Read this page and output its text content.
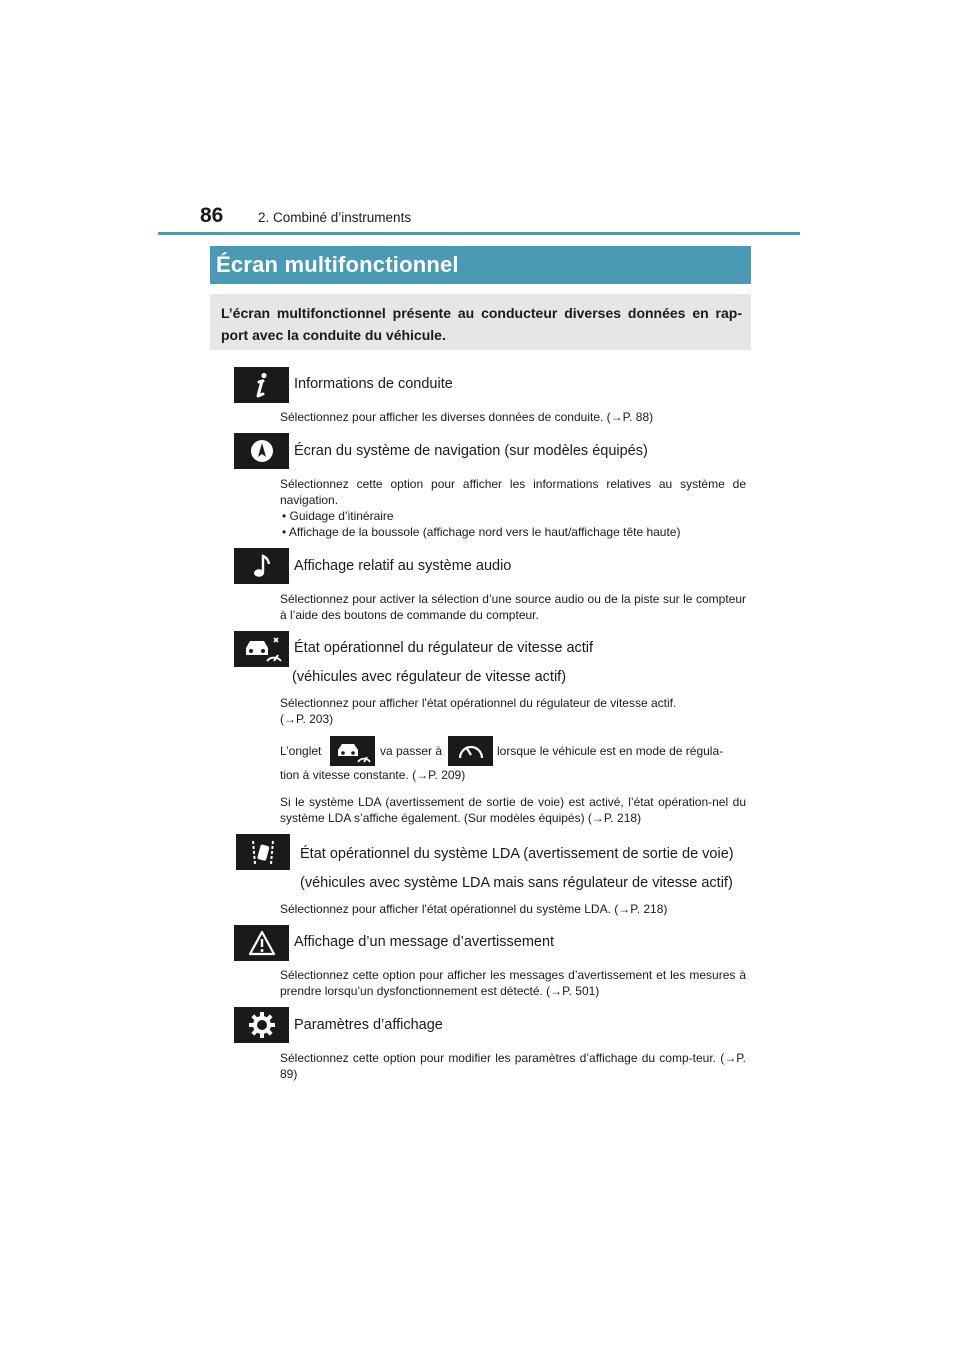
86	2. Combiné d’instruments
Écran multifonctionnel
L’écran multifonctionnel présente au conducteur diverses données en rap-port avec la conduite du véhicule.
Informations de conduite
Sélectionnez pour afficher les diverses données de conduite. (→P. 88)
Écran du système de navigation (sur modèles équipés)
Sélectionnez cette option pour afficher les informations relatives au système de navigation.
• Guidage d’itinéraire
• Affichage de la boussole (affichage nord vers le haut/affichage tête haute)
Affichage relatif au système audio
Sélectionnez pour activer la sélection d’une source audio ou de la piste sur le compteur à l’aide des boutons de commande du compteur.
État opérationnel du régulateur de vitesse actif
(véhicules avec régulateur de vitesse actif)
Sélectionnez pour afficher l'état opérationnel du régulateur de vitesse actif.
(→P. 203)
L’onglet	va passer à	lorsque le véhicule est en mode de régula-
tion à vitesse constante. (→P. 209)
Si le système LDA (avertissement de sortie de voie) est activé, l’état opération-nel du système LDA s’affiche également. (Sur modèles équipés) (→P. 218)
État opérationnel du système LDA (avertissement de sortie de voie)
(véhicules avec système LDA mais sans régulateur de vitesse actif)
Sélectionnez pour afficher l'état opérationnel du système LDA. (→P. 218)
Affichage d’un message d’avertissement
Sélectionnez cette option pour afficher les messages d’avertissement et les mesures à prendre lorsqu’un dysfonctionnement est détecté. (→P. 501)
Paramètres d’affichage
Sélectionnez cette option pour modifier les paramètres d’affichage du comp-teur. (→P. 89)
